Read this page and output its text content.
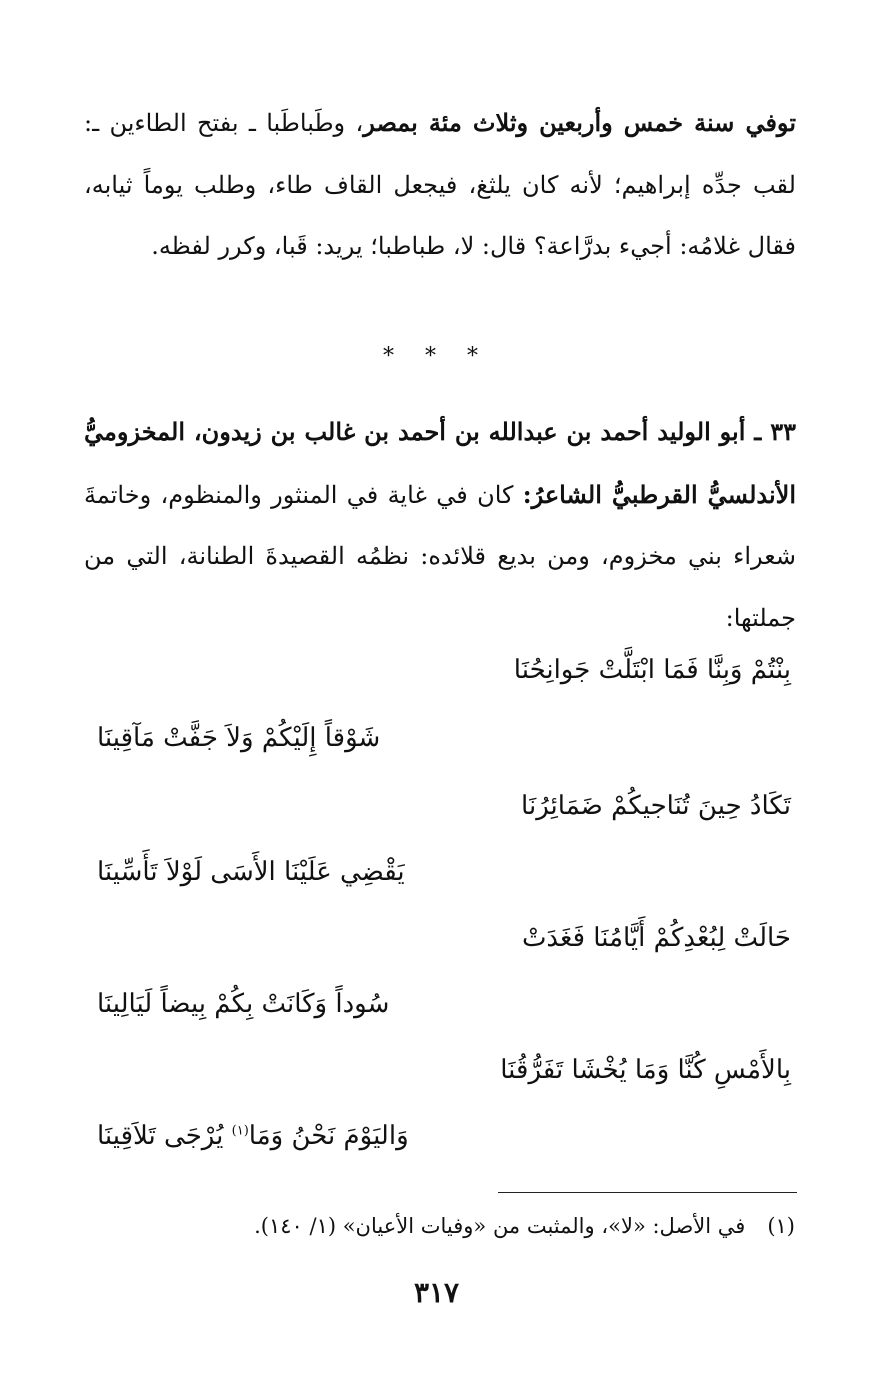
توفي سنة خمس وأربعين وثلاث مئة بمصر، وطَباطَبا ـ بفتح الطاءين ـ: لقب جدِّه إبراهيم؛ لأنه كان يلثغ، فيجعل القاف طاء، وطلب يوماً ثيابه، فقال غلامُه: أجيء بدرَّاعة؟ قال: لا، طباطبا؛ يريد: قَبا، وكرر لفظه.

* * *

٣٣ ـ أبو الوليد أحمد بن عبدالله بن أحمد بن غالب بن زيدون، المخزوميُّ الأندلسيُّ القرطبيُّ الشاعرُ: كان في غاية في المنثور والمنظوم، وخاتمةَ شعراء بني مخزوم، ومن بديع قلائده: نظمُه القصيدةَ الطنانة، التي من جملتها:

بِنْتُمْ وَبِنَّا فَمَا ابْتَلَّتْ جَوانِحُنَا
شَوْقاً إِلَيْكُمْ وَلاَ جَفَّتْ مَآقِينَا
تَكَادُ حِينَ تُنَاجيكُمْ ضَمَائِرُنَا
يَقْضِي عَلَيْنَا الأَسَى لَوْلاَ تَأَسِّينَا
حَالَتْ لِبُعْدِكُمْ أَيَّامُنَا فَغَدَتْ
سُوداً وَكَانَتْ بِكُمْ بِيضاً لَيَالِينَا
بِالأَمْسِ كُنَّا وَمَا يُخْشَا تَفَرُّقُنَا
وَاليَوْمَ نَحْنُ وَمَا$^{(١)}$ يُرْجَى تَلاَقِينَا
(١)في الأصل: «لا»، والمثبت من «وفيات الأعيان» (١/ ١٤٠).
٣١٧
